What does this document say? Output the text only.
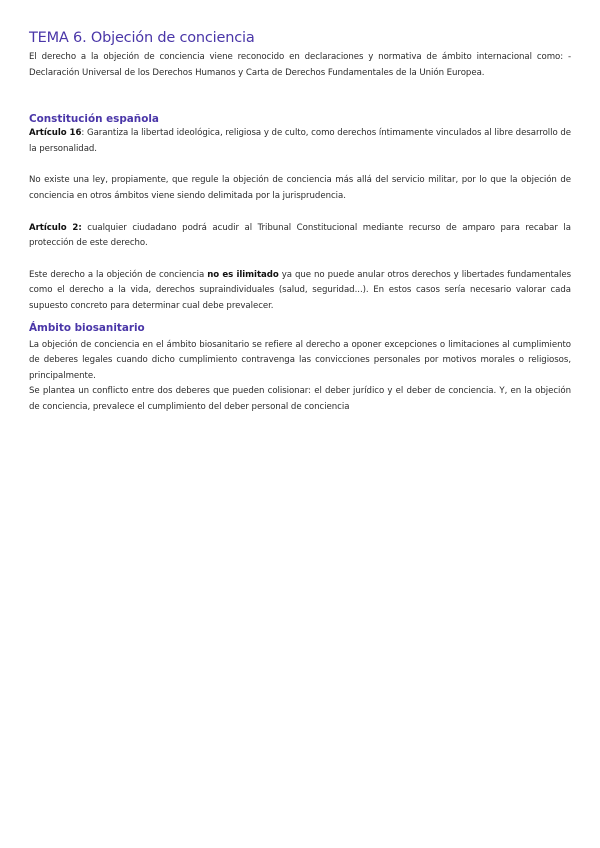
TEMA 6. Objeción de conciencia

El derecho a la objeción de conciencia viene reconocido en declaraciones y normativa de ámbito internacional como: - Declaración Universal de los Derechos Humanos y Carta de Derechos Fundamentales de la Unión Europea.

Constitución española

Artículo 16: Garantiza la libertad ideológica, religiosa y de culto, como derechos íntimamente vinculados al libre desarrollo de la personalidad.

No existe una ley, propiamente, que regule la objeción de conciencia más allá del servicio militar, por lo que la objeción de conciencia en otros ámbitos viene siendo delimitada por la jurisprudencia.

Artículo 2: cualquier ciudadano podrá acudir al Tribunal Constitucional mediante recurso de amparo para recabar la protección de este derecho.

Este derecho a la objeción de conciencia no es ilimitado ya que no puede anular otros derechos y libertades fundamentales como el derecho a la vida, derechos supraindividuales (salud, seguridad...). En estos casos sería necesario valorar cada supuesto concreto para determinar cual debe prevalecer.

Ámbito biosanitario

La objeción de conciencia en el ámbito biosanitario se refiere al derecho a oponer excepciones o limitaciones al cumplimiento de deberes legales cuando dicho cumplimiento contravenga las convicciones personales por motivos morales o religiosos, principalmente.

Se plantea un conflicto entre dos deberes que pueden colisionar: el deber jurídico y el deber de conciencia. Y, en la objeción de conciencia, prevalece el cumplimiento del deber personal de conciencia
